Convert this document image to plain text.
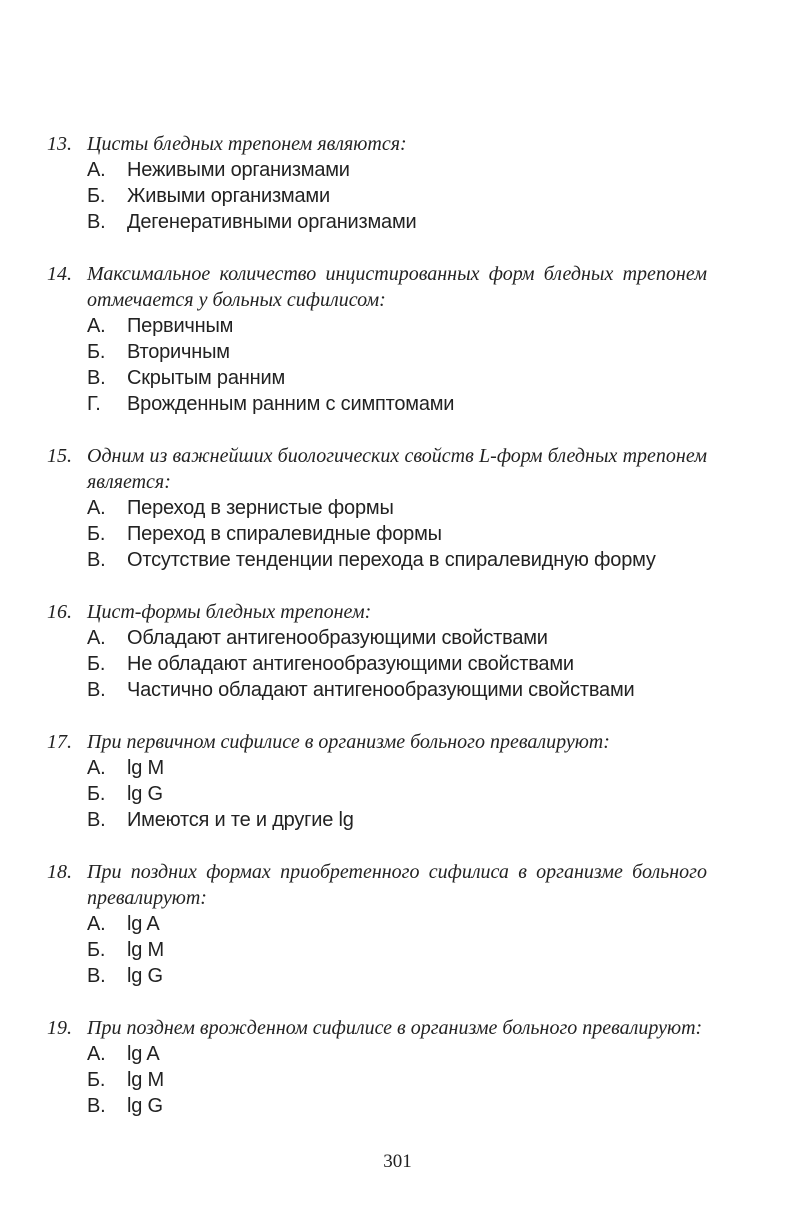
13. Цисты бледных трепонем являются:
А. Неживыми организмами
Б. Живыми организмами
В. Дегенеративными организмами
14. Максимальное количество инцистированных форм бледных трепонем отмечается у больных сифилисом:
А. Первичным
Б. Вторичным
В. Скрытым ранним
Г. Врожденным ранним с симптомами
15. Одним из важнейших биологических свойств L-форм бледных трепонем является:
А. Переход в зернистые формы
Б. Переход в спиралевидные формы
В. Отсутствие тенденции перехода в спиралевидную форму
16. Цист-формы бледных трепонем:
А. Обладают антигенообразующими свойствами
Б. Не обладают антигенообразующими свойствами
В. Частично обладают антигенообразующими свойствами
17. При первичном сифилисе в организме больного превалируют:
А. lg M
Б. lg G
В. Имеются и те и другие lg
18. При поздних формах приобретенного сифилиса в организме больного превалируют:
А. lg A
Б. lg M
В. lg G
19. При позднем врожденном сифилисе в организме больного превалируют:
А. lg A
Б. lg M
В. lg G
301
